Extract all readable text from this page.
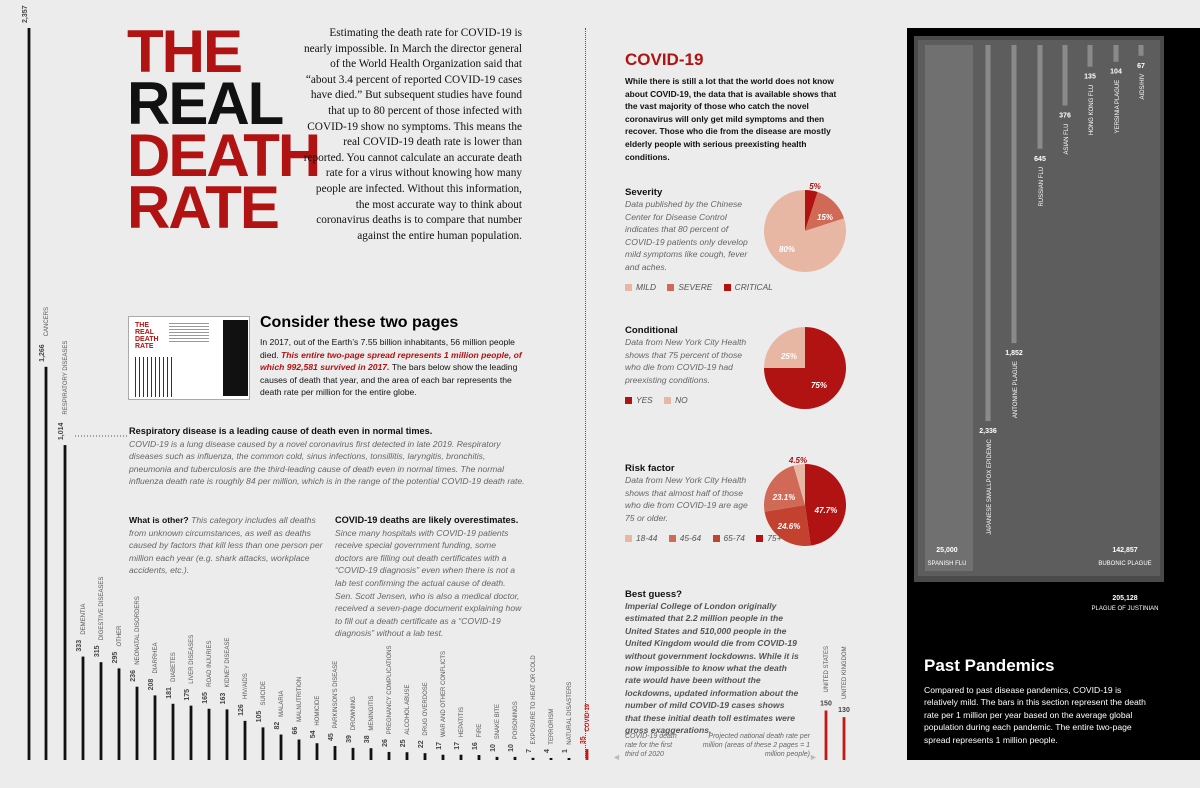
THE
REAL
DEATH
RATE
Estimating the death rate for COVID-19 is nearly impossible. In March the director general of the World Health Organization said that “about 3.4 percent of reported COVID-19 cases have died.” But subsequent studies have found that up to 80 percent of those infected with COVID-19 show no symptoms. This means the real COVID-19 death rate is lower than reported. You cannot calculate an accurate death rate for a virus without knowing how many people are infected. Without this information, the most accurate way to think about coronavirus deaths is to compare that number against the entire human population.
THE REAL DEATH RATE
Consider these two pages
In 2017, out of the Earth’s 7.55 billion inhabitants, 56 million people died. This entire two-page spread represents 1 million people, of which 992,581 survived in 2017. The bars below show the leading causes of death that year, and the area of each bar represents the death rate per million for the entire globe.
Respiratory disease is a leading cause of death even in normal times.
COVID-19 is a lung disease caused by a novel coronavirus first detected in late 2019. Respiratory diseases such as influenza, the common cold, sinus infections, tonsillitis, laryngitis, bronchitis, pneumonia and tuberculosis are the third-leading cause of death even in normal times. The normal influenza death rate is roughly 84 per million, which is in the range of the potential COVID-19 death rate.
What is other? This category includes all deaths from unknown circumstances, as well as deaths caused by factors that kill less than one person per million each year (e.g. shark attacks, workplace accidents, etc.).
COVID-19 deaths are likely overestimates.
Since many hospitals with COVID-19 patients receive special government funding, some doctors are filling out death certificates with a “COVID-19 diagnosis” even when there is not a lab test confirming the actual cause of death. Sen. Scott Jensen, who is also a medical doctor, received a seven-page document explaining how to fill out a death certificate as a “COVID-19 diagnosis” without a lab test.
COVID-19
While there is still a lot that the world does not know about COVID-19, the data that is available shows that the vast majority of those who catch the novel coronavirus will only get mild symptoms and then recover. Those who die from the disease are mostly elderly people with serious preexisting health conditions.
Severity
Data published by the Chinese Center for Disease Control indicates that 80 percent of COVID-19 patients only develop mild symptoms like cough, fever and aches.
MILD	SEVERE	CRITICAL
Conditional
Data from New York City Health shows that 75 percent of those who die from COVID-19 had preexisting conditions.
YES	NO
Risk factor
Data from New York City Health shows that almost half of those who die from COVID-19 are age 75 or older.
18-44	45-64	65-74	75+
Best guess?
Imperial College of London originally estimated that 2.2 million people in the United States and 510,000 people in the United Kingdom would die from COVID-19 without government lockdowns. While it is now impossible to know what the death rate would have been without the lockdowns, updated information about the number of mild COVID-19 cases shows that these initial death toll estimates were gross exaggerations.
COVID-19 death rate for the first third of 2020
Projected national death rate per million (areas of these 2 pages = 1 million people)
◄	►
Past Pandemics
Compared to past disease pandemics, COVID-19 is relatively mild. The bars in this section represent the death rate per 1 million per year based on the average global population during each pandemic. The entire two-page spread represents 1 million people.
2,357
1,266
CANCERS
1,014
RESPIRATORY DISEASES
333
DEMENTIA
315
DIGESTIVE DISEASES
295
OTHER
236
NEONATAL DISORDERS
208
DIARRHEA
181
DIABETES
175
LIVER DISEASES
165
ROAD INJURIES
163
KIDNEY DISEASE
126
HIV/AIDS
105
SUICIDE
82
MALARIA
66
MALNUTRITION
54
HOMICIDE
45
PARKINSON'S DISEASE
39
DROWNING
38
MENINGITIS
26
PREGNANCY COMPLICATIONS
25
ALCOHOL ABUSE
22
DRUG OVERDOSE
17
WAR AND OTHER CONFLICTS
17
HEPATITIS
16
FIRE
10
SNAKE BITE
10
POISONINGS
7
EXPOSURE TO HEAT OR COLD
4
TERRORISM
1
NATURAL DISASTERS 35
COVID-19	150
UNITED STATES
130
UNITED KINGDOM
205,128
PLAGUE OF JUSTINIAN
142,857
BUBONIC PLAGUE
25,000
SPANISH FLU
2,336
JAPANESE SMALLPOX EPIDEMIC
1,852
ANTONINE PLAGUE
645
RUSSIAN FLU
376
ASIAN FLU
135
HONG KONG FLU
104
YERSINIA PLAGUE
67
AIDS/HIV
80%
15%
5%
75%
25%
47.7%
24.6%
23.1%
4.5%
